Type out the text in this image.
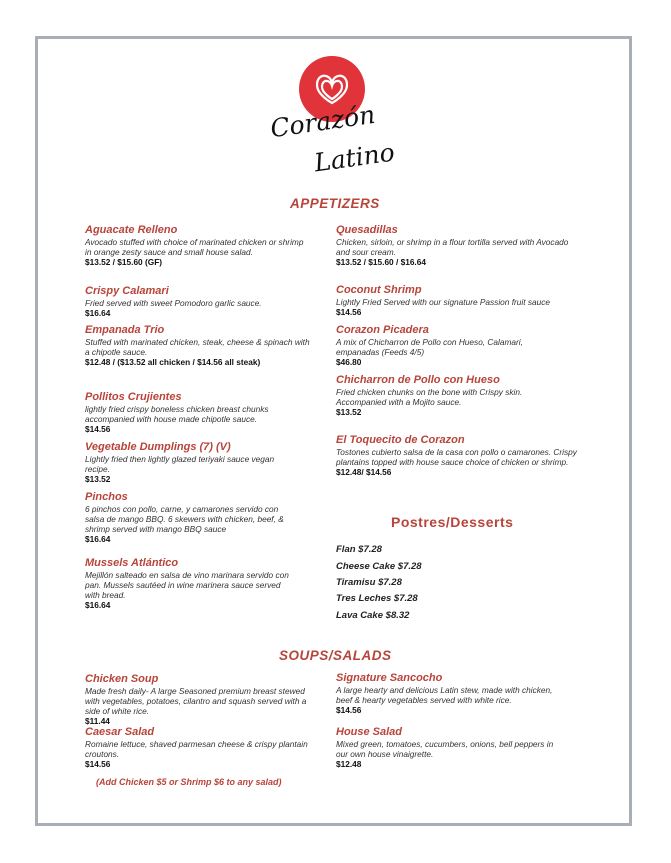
Corazón
Latino
APPETIZERS
Postres/Desserts
SOUPS/SALADS
Aguacate Relleno
Avocado stuffed with choice of marinated chicken or shrimp in orange zesty sauce and small house salad.
$13.52 / $15.60 (GF)
Crispy Calamari
Fried served with sweet Pomodoro garlic sauce.
$16.64
Empanada Trio
Stuffed with marinated chicken, steak, cheese & spinach with a chipotle sauce.
$12.48 / ($13.52 all chicken / $14.56 all steak)
Pollitos Crujientes
lightly fried crispy boneless chicken breast chunks accompanied with house made chipotle sauce.
$14.56
Vegetable Dumplings (7) (V)
Lightly fried then lightly glazed teriyaki sauce vegan recipe.
$13.52
Pinchos
6 pinchos con pollo, carne, y camarones servido con salsa de mango BBQ. 6 skewers with chicken, beef, & shrimp served with mango BBQ sauce
$16.64
Mussels Atlántico
Mejillón salteado en salsa de vino marinara servido con pan. Mussels sautéed in wine marinera sauce served with bread.
$16.64
Quesadillas
Chicken, sirloin, or shrimp in a flour tortilla served with Avocado and sour cream.
$13.52 / $15.60 / $16.64
Coconut Shrimp
Lightly Fried Served with our signature Passion fruit sauce
$14.56
Corazon Picadera
A mix of Chicharron de Pollo con Hueso, Calamari, empanadas (Feeds 4/5)
$46.80
Chicharron de Pollo con Hueso
Fried chicken chunks on the bone with Crispy skin. Accompanied with a Mojito sauce.
$13.52
El Toquecito de Corazon
Tostones cubierto salsa de la casa con pollo o camarones. Crispy plantains topped with house sauce choice of chicken or shrimp.
$12.48/ $14.56
Flan $7.28
Cheese Cake $7.28
Tiramisu $7.28
Tres Leches $7.28
Lava Cake $8.32
Chicken Soup
Made fresh daily- A large Seasoned premium breast stewed with vegetables, potatoes, cilantro and squash served with a side of white rice.
$11.44
Caesar Salad
Romaine lettuce, shaved parmesan cheese & crispy plantain croutons.
$14.56
Signature Sancocho
A large hearty and delicious Latin stew, made with chicken, beef & hearty vegetables served with white rice.
$14.56
House Salad
Mixed green, tomatoes, cucumbers, onions, bell peppers in our own house vinaigrette.
$12.48
(Add Chicken $5 or Shrimp $6 to any salad)
